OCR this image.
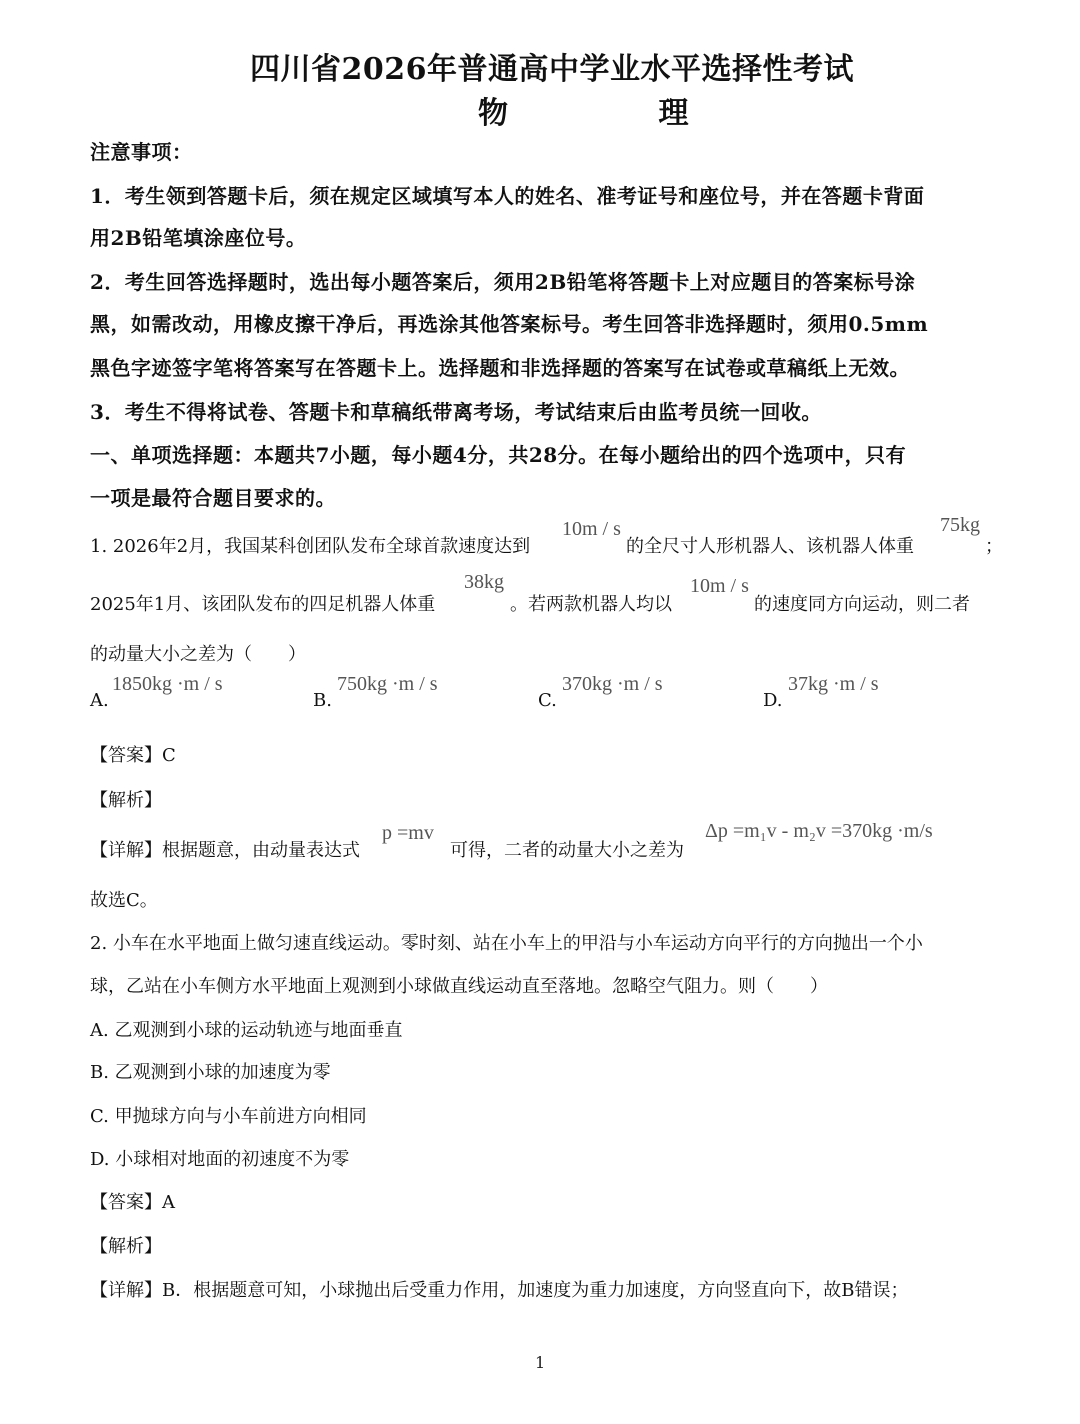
四川省2026年普通高中学业水平选择性考试
物 理
注意事项：
1．考生领到答题卡后，须在规定区域填写本人的姓名、准考证号和座位号，并在答题卡背面
用2B铅笔填涂座位号。
2．考生回答选择题时，选出每小题答案后，须用2B铅笔将答题卡上对应题目的答案标号涂
黑，如需改动，用橡皮擦干净后，再选涂其他答案标号。考生回答非选择题时，须用0.5mm
黑色字迹签字笔将答案写在答题卡上。选择题和非选择题的答案写在试卷或草稿纸上无效。
3．考生不得将试卷、答题卡和草稿纸带离考场，考试结束后由监考员统一回收。
一、单项选择题：本题共7小题，每小题4分，共28分。在每小题给出的四个选项中，只有
一项是最符合题目要求的。
1. 2026年2月，我国某科创团队发布全球首款速度达到
10m / s
的全尺寸人形机器人、该机器人体重
75kg
；
2025年1月、该团队发布的四足机器人体重
38kg
。若两款机器人均以
10m / s
的速度同方向运动，则二者
的动量大小之差为（　　）
A.
1850kg ·m / s
B.
750kg ·m / s
C.
370kg ·m / s
D.
37kg ·m / s
【答案】C
【解析】
【详解】根据题意，由动量表达式
p =mv
可得，二者的动量大小之差为
Δp =m₁v - m₂v =370kg ·m/s
故选C。
2. 小车在水平地面上做匀速直线运动。零时刻、站在小车上的甲沿与小车运动方向平行的方向抛出一个小
球，乙站在小车侧方水平地面上观测到小球做直线运动直至落地。忽略空气阻力。则（　　）
A. 乙观测到小球的运动轨迹与地面垂直
B. 乙观测到小球的加速度为零
C. 甲抛球方向与小车前进方向相同
D. 小球相对地面的初速度不为零
【答案】A
【解析】
【详解】B．根据题意可知，小球抛出后受重力作用，加速度为重力加速度，方向竖直向下，故B错误；
1
